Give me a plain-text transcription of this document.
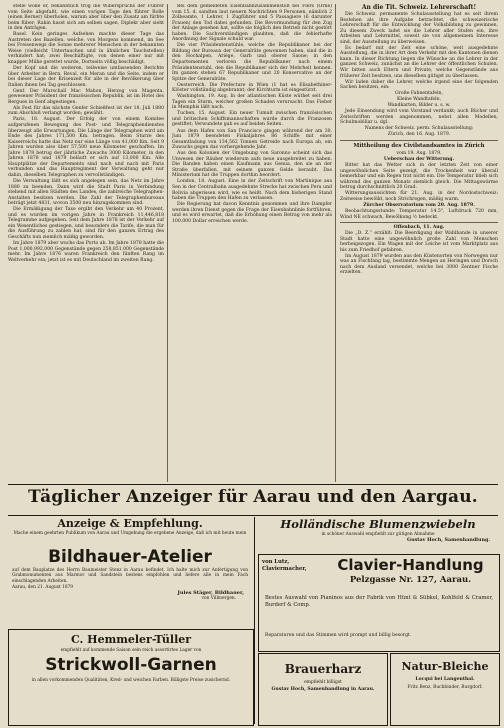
stelle wolle er, bekanntlich trog die Wiberspruchs der Führer vom Seite abgefaßt, wie einen vorigen Tage den führer Rolle (einen Berner) überholen, warum aber über den Zusatz am fürbte beim füber; Rakin hasst sich am selben sagen, Diplekr aber sieht in den Anträgen.

Basel. Kein geringes Aufsehen machte dieser Tage das Austreten des Bazellen, welche, von Morgens kommend, im See bei Freisenwegs die Sonne mehrerer Menschen in der bekannten Weise (vielleicht Untertauchen und in ähnlichen Tauchstellen) verhindert hat; zwei Beschäftigte, von denen einer nur mit knapper Mühe gerettet wurde, Dortseits völlig beschädigt.

Der Kopf und die weiteren, teilweise umfassenden Berichte über Arbeiter in Bern, Reval, ein Meran und die Seite, indem er bei dieser Lage der Krisenzeit für alle in der Bevölkerung über Italien ihnen bei Tag geschlossen.

Genf. Der Marschall Mac Mahon, Herzog von Magenta, gewesener Präsident der französischen Republik, ist im Hotel des Bergues in Genf abgestiegen.

Als Fest für das nächste Genfer Schießfest ist der 18. Juli 1880 zum Abschluß verlangt worden; gewählt.

Paris, 18. August. Der Erfolg der von einem Komitee aufgerufenen Bewegung des Post- und Telegraphendienstes überzeugt alle Erwartungen. Die Länge der Telegraphen wird am Ende des Jahres 171,500 Km. betragen. Beim Sturze des Kaiserreichs hatte das Netz nur eine Länge von 41,000 Km. Seit 9 Jahren wurden also über 57,500 neue Kilometer geschaffen. Im Jahre 1878 betrug der jährliche Zuwachs 3000 Kilometer, in den Jahren 1878 und 1879 beläuft er sich auf 13,000 Km. Alle Hauptplätze der Departements sind nach und nach mit Paris verbunden und das Hauptregiment der Verwaltung geht nur dahin, dieselben Telegraphen zu vervollständigen.

Die Verwaltung läßt es sich angelegen sein, das Netz im Jahre 1880 zu beenden. Dann wird die Stadt Paris in Verbindung stehend mit allen Städten des Landes, die zahlreiche Telegraphen-Anstalten besitzen werden. Die Zahl der Telegraphenbureaus beträgt jetzt 4831, wovon 3500 neu hinzugekommen sind.

Die Ermäßigung der Taxe ergibt den Verkehr um 40 Prozent, und es wurden im vorigen Jahre in Frankreich 11,446,818 Telegramme aufgegeben. Seit dem Jahre 1878 ist der Verkehr auf ein Wesentliches gestiegen, und besonders die Tarife, die man für die Ausführung zu zahlen hat, sind für den ganzen Ertrag des Geschäfts nun ziemlich mäßig geworden.

Im Jahre 1879 aber wuchs das Porto ab. Im Jahre 1878 hatte die Post 1,000,992,000 Gegenstände gegen 258,851,000 Gegenstände mehr. Im Jahre 1876 waren Frankreich den fünften Rang im Weltverkehr ein; jetzt ist es mit Deutschland im zweiten Rang.

Bei dem gemeldeten Eisenbahnzusammenstoß bei Flers (Orne) vom 15. d. sandten laut neuern Nachrichten 9 Personen, nämlich 2 Zolbeamte, 1 Lehrer, 1 Zugführer und 5 Passagiere (6 darunter Frauen) den Tod dabei gefunden. Die Bevormundung für den Zug der Anlage gesehen hat, sollte sie folglich den Betrieb nicht gestört haben. Die Sachverständigen glaubten, daß die fehlerhafte Anordnung der Signale schuld war.

Die vier Präsidentenstühle, welche die Republikaner bei der Bildung der Bureaux der Generalräte gewonnen haben, sind die in den Hochalpen, Ariège, Garb und oberer Saone; in den Departementen verloren die Republikaner nach einem Präsidentenstuhl, den die Republikaner sich der Mehrheit kennen. Im ganzen stehen 67 Republikaner und 20 Konservative an der Spitze der Generalräte.

Oesterreich. Die Prefecture in Wien (1 hat es Elisabethiner-Klöster vollständig abgebrannt; der Kirchturm ist eingestürzt.

Washington, 19. Aug. In der atlantischen Küste wüthet seit drei Tagen ein Sturm, welcher großen Schaden verursacht. Das Fieber in Memphis läßt nach.

Tuchen, 15. August. Ein neuer Tumult zwischen französischen und britischen Schiffsmannschaften wurde durch die Franzosen gestiftet; Verwundete gab es auf beiden Seiten.

Aus dem Hafen von San Francisco gingen während der am 30. Juni 1879 beendeten Fiskaljahres 86 Schiffe mit einer Gesamtladung von 134,562 Tonnen Getreide nach Europa ab, ein Zuwachs gegen das vorhergehende Jahr.

Aus den Kolonien der Umgebung von Saronno scheint sich das Unwesen der Räuber wiederum aufs neue ausgebreitet zu haben. Die Banden haben einen Kaufmann aus Genua, den sie an der Straße überfallen, mit seinem ganzen Gelde beraubt. Das Ministerium hat die Truppen dorthin beordert.

London, 18. August. Eine in der Zeitschrift von Martinique aus Sen in der Centralbahn ausgedehnte Strecke hat zwischen Peru und Bolivia abgerissen wird, wie es heißt. Nach dem bisherigen Stand haben die Truppen den Hafen zu verlassen.

Die Regierung hat davon Kenntnis genommen und ihre Dampfer werden ihren Dienst gegen die Frage der Eisenbahnlinie fortführen, und es wird erwartet, daß die Erhöhung einen Betrag von mehr als 100,000 Dollar erreichen werde.

An die Tit. Schweiz. Lehrerschaft!

Die Schweiz. permanente Schulausstellung hat es seit ihrem Bestehen als ihre Aufgabe betrachtet, die schweizerische Lehrerschaft für die Entwicklung der Volksbildung zu gewinnen. Zu diesem Zweck ladet sie die Lehrer aller Stufen ein, ihre Arbeiten und Lehrmittel, soweit sie von allgemeinem Interesse sind, der Ausstellung zu überweisen.

Es bedarf mit der Zeit eine schöne, weit ausgedehnte Ausstellung, die in ihrer Art dem Verkehr mit den Kantonen dienen kann. In dieser Richtung liegen die Wünsche an die Lehrer in der ganzen Schweiz, zunächst an die Lehrer der öffentlichen Schulen. Wir bitten auch Eltern und Private, welche Gegenstände aus früherer Zeit besitzen, uns dieselben gütigst zu überlassen.

Wir laden daher die Lehrer, welche irgend eine der folgenden Sachen besitzen, ein:

Große Fahnentafeln,

Kleine Wandtafeln,

Wandkarten, Bilder u. s. w.

Jede Einsendung wird vom Vorstand verdankt; auch Bücher und Zeitschriften werden angenommen, nebst allen Modellen, Schulmobiliar u. dgl.

Namens der Schweiz. perm. Schulausstellung:

Zürich, den 16. Aug. 1879.

Mittheilung des Civilstandsamtes in Zürich

vom 19. Aug. 1879.

Ueberschau der Witterung.

Bitter hat das Wetter sich in der letzten Zeit von einer ungewöhnlichen Seite gezeigt, die Trockenheit war überall bemerkbar und ein Regen trat nicht ein. Die Temperatur blieb sich während des ganzen Monats ziemlich gleich. Die Mittagswärme betrug durchschnittlich 20 Grad.

Witterungsaussichten für 21. Aug. in der Nordostschweiz: Zeitweise bewölkt, noch Strichregen, mäßig warm.

Zürcher Observatorium vom 20. Aug. 1879.

Beobachtungsstunde: Temperatur 14.5°, Luftdruck 720 mm, Wind NE schwach, Bewölkung ½ bedeckt.

Offenbach, 11. Aug.

Die „D. Z.“ erzählt: Die Beerdigung der Wahlbande in unserer Stadt hatte eine ungewöhnlich große Zahl von Menschen herbeigezogen. Ein Wagen mit der Leiche ist vom Marktplatz aus bis zum Friedhof gefahren.

Im August 1879 wurden aus den Küstenorten von Norwegen nur was an Fischfang lag, bestimmte Mengen an Heringen und Dorsch nach dem Ausland versendet, welche bei 3000 Zentner Fische erzielten.

Täglicher Anzeiger für Aarau und den Aargau.
Anzeige & Empfehlung.
Mache einem geehrten Publikum von Aarau und Umgebung die ergebene Anzeige, daß ich mit heute mein
Bildhauer-Atelier
auf dem Bauplatze des Herrn Baumeister Stenz in Aarau befindet. Ich halte mich zur Anfertigung von Grabmonumenten aus Marmor und Sandstein bestens empfohlen und liefere alle in mein Fach einschlagenden Arbeiten.
Aarau, den 21. August 1879
Jules Stäger, Bildhauer,
von Villmergen.
C. Hemmeler-Tüller
empfiehlt auf kommende Saison sein reich assortirtes Lager von
Strickwoll-Garnen
in allen vorkommenden Qualitäten, Kred- und weichen Farben. Billigste Preise zusichernd.
Holländische Blumenzwiebeln
in schöner Auswahl empfiehlt zur gütigen Abnahme
Gustav Hoch, Samenhandlung.
von Lutz, Claviermacher,	Clavier-Handlung
Pelzgasse Nr. 127, Aarau.
Bestes Auswahl von Pianinos aus der Fabrik von Hünt & Sübkel, Kohlfeld & Cramer, Burderf & Comp.
Reparaturen und das Stimmen wird prompt und billig besorgt.
Brauerharz
empfiehlt billigst
Gustav Hoch, Samenhandlung in Aarau.
Natur-Bleiche
Locqui bei Langenthal.
Fritz Benz, Buchbinder, Burgdorf.
